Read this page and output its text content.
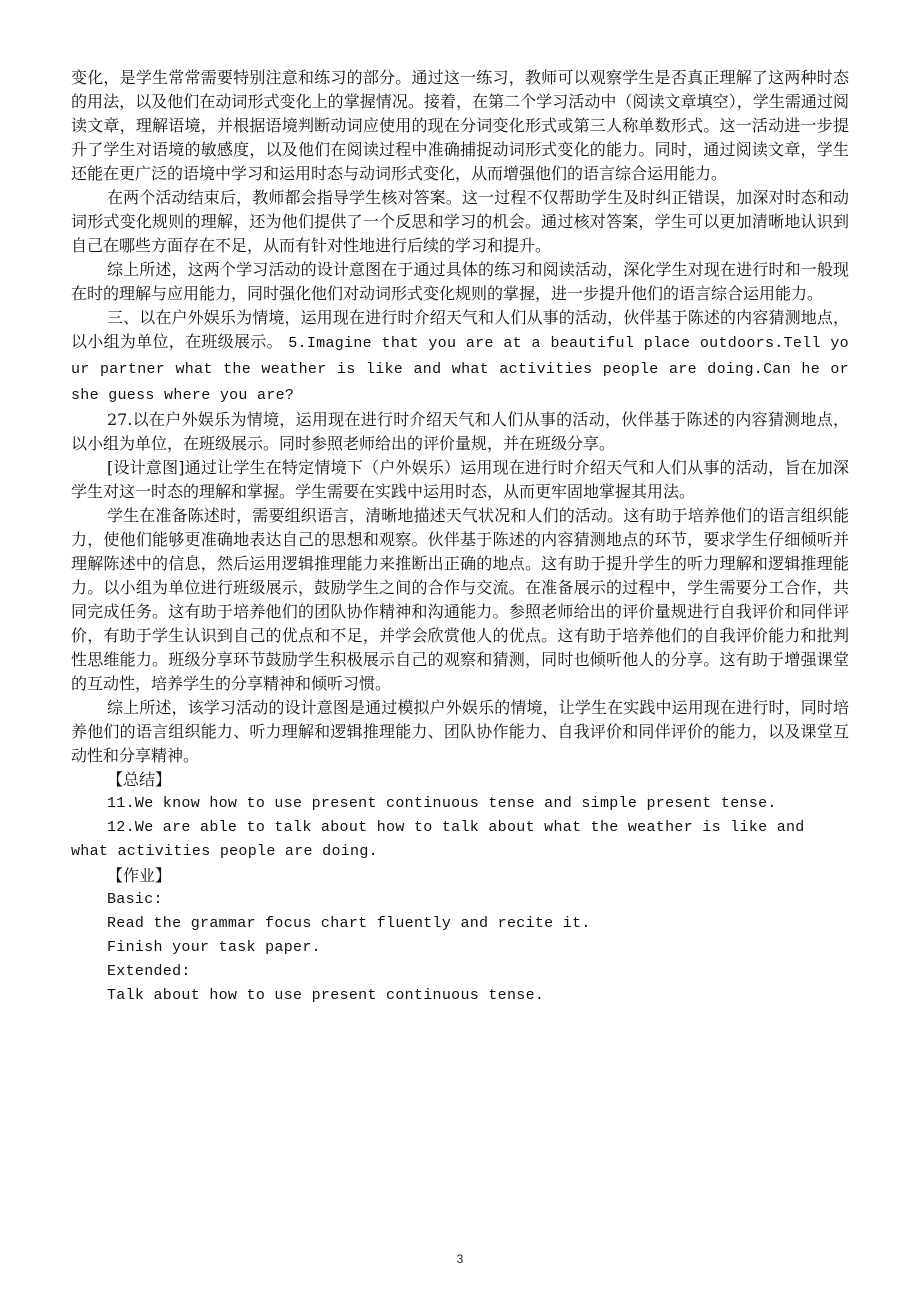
变化，是学生常常需要特别注意和练习的部分。通过这一练习，教师可以观察学生是否真正理解了这两种时态的用法，以及他们在动词形式变化上的掌握情况。接着，在第二个学习活动中（阅读文章填空），学生需通过阅读文章，理解语境，并根据语境判断动词应使用的现在分词变化形式或第三人称单数形式。这一活动进一步提升了学生对语境的敏感度，以及他们在阅读过程中准确捕捉动词形式变化的能力。同时，通过阅读文章，学生还能在更广泛的语境中学习和运用时态与动词形式变化，从而增强他们的语言综合运用能力。

在两个活动结束后，教师都会指导学生核对答案。这一过程不仅帮助学生及时纠正错误，加深对时态和动词形式变化规则的理解，还为他们提供了一个反思和学习的机会。通过核对答案，学生可以更加清晰地认识到自己在哪些方面存在不足，从而有针对性地进行后续的学习和提升。

综上所述，这两个学习活动的设计意图在于通过具体的练习和阅读活动，深化学生对现在进行时和一般现在时的理解与应用能力，同时强化他们对动词形式变化规则的掌握，进一步提升他们的语言综合运用能力。

三、以在户外娱乐为情境，运用现在进行时介绍天气和人们从事的活动，伙伴基于陈述的内容猜测地点，以小组为单位，在班级展示。 5.Imagine that you are at a beautiful place outdoors.Tell your partner what the weather is like and what activities people are doing.Can he or she guess where you are?

27.以在户外娱乐为情境，运用现在进行时介绍天气和人们从事的活动，伙伴基于陈述的内容猜测地点，以小组为单位，在班级展示。同时参照老师给出的评价量规，并在班级分享。

[设计意图]通过让学生在特定情境下（户外娱乐）运用现在进行时介绍天气和人们从事的活动，旨在加深学生对这一时态的理解和掌握。学生需要在实践中运用时态，从而更牢固地掌握其用法。

学生在准备陈述时，需要组织语言，清晰地描述天气状况和人们的活动。这有助于培养他们的语言组织能力，使他们能够更准确地表达自己的思想和观察。伙伴基于陈述的内容猜测地点的环节，要求学生仔细倾听并理解陈述中的信息，然后运用逻辑推理能力来推断出正确的地点。这有助于提升学生的听力理解和逻辑推理能力。以小组为单位进行班级展示，鼓励学生之间的合作与交流。在准备展示的过程中，学生需要分工合作，共同完成任务。这有助于培养他们的团队协作精神和沟通能力。参照老师给出的评价量规进行自我评价和同伴评价，有助于学生认识到自己的优点和不足，并学会欣赏他人的优点。这有助于培养他们的自我评价能力和批判性思维能力。班级分享环节鼓励学生积极展示自己的观察和猜测，同时也倾听他人的分享。这有助于增强课堂的互动性，培养学生的分享精神和倾听习惯。

综上所述，该学习活动的设计意图是通过模拟户外娱乐的情境，让学生在实践中运用现在进行时，同时培养他们的语言组织能力、听力理解和逻辑推理能力、团队协作能力、自我评价和同伴评价的能力，以及课堂互动性和分享精神。

【总结】

11.We know how to use present continuous tense and simple present tense.

12.We are able to talk about how to talk about what the weather is like and what activities people are doing.

【作业】

Basic:

Read the grammar focus chart fluently and recite it.

Finish your task paper.

Extended:

Talk about how to use present continuous tense.

3
